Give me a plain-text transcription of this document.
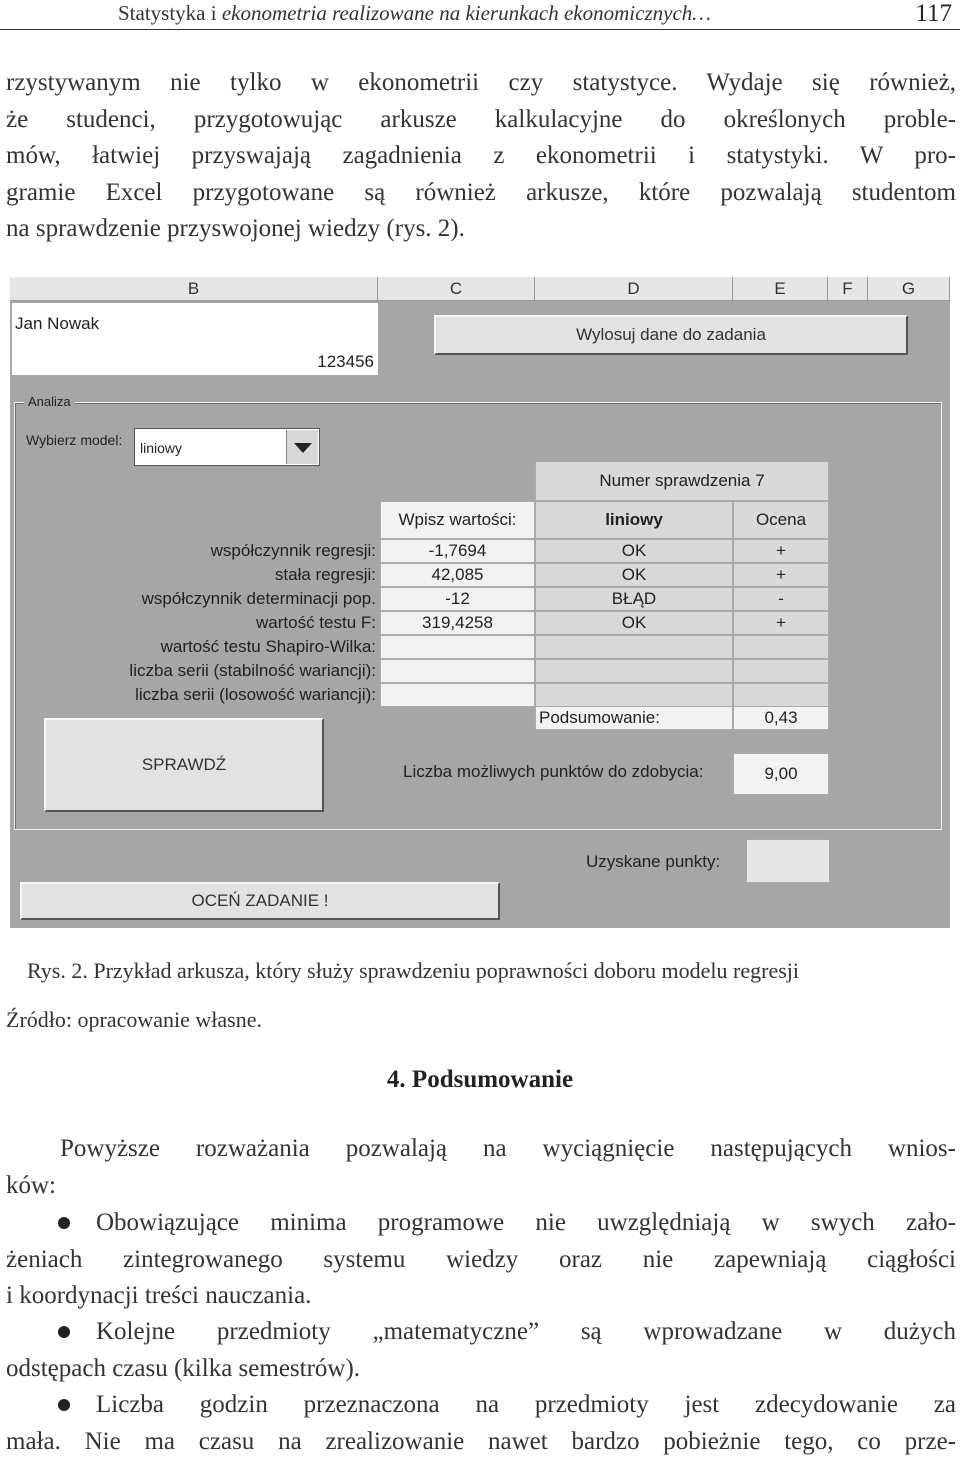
Statystyka i ekonometria realizowane na kierunkach ekonomicznych…	117
rzystywanym nie tylko w ekonometrii czy statystyce. Wydaje się również,
że studenci, przygotowując arkusze kalkulacyjne do określonych proble-
mów, łatwiej przyswajają zagadnienia z ekonometrii i statystyki. W pro-
gramie Excel przygotowane są również arkusze, które pozwalają studentom
na sprawdzenie przyswojonej wiedzy (rys. 2).
B	C	D	E	F	G
Jan Nowak
123456
Wylosuj dane do zadania
Analiza
Wybierz model: liniowy
Numer sprawdzenia 7
Wpisz wartości:	liniowy	Ocena
współczynnik regresji:	-1,7694	OK	+
stała regresji:	42,085	OK	+
współczynnik determinacji pop.	-12	BŁĄD	-
wartość testu F:	319,4258	OK	+
wartość testu Shapiro-Wilka:
liczba serii (stabilność wariancji):
liczba serii (losowość wariancji):
Podsumowanie:	0,43
SPRAWDŹ	Liczba możliwych punktów do zdobycia:	9,00
Uzyskane punkty:
OCEŃ ZADANIE !
Rys. 2. Przykład arkusza, który służy sprawdzeniu poprawności doboru modelu regresji
Źródło: opracowanie własne.
4. Podsumowanie
Powyższe rozważania pozwalają na wyciągnięcie następujących wnios-
ków:
Obowiązujące minima programowe nie uwzględniają w swych zało-
żeniach zintegrowanego systemu wiedzy oraz nie zapewniają ciągłości
i koordynacji treści nauczania.
Kolejne przedmioty „matematyczne” są wprowadzane w dużych
odstępach czasu (kilka semestrów).
Liczba godzin przeznaczona na przedmioty jest zdecydowanie za
mała. Nie ma czasu na zrealizowanie nawet bardzo pobieżnie tego, co prze-
